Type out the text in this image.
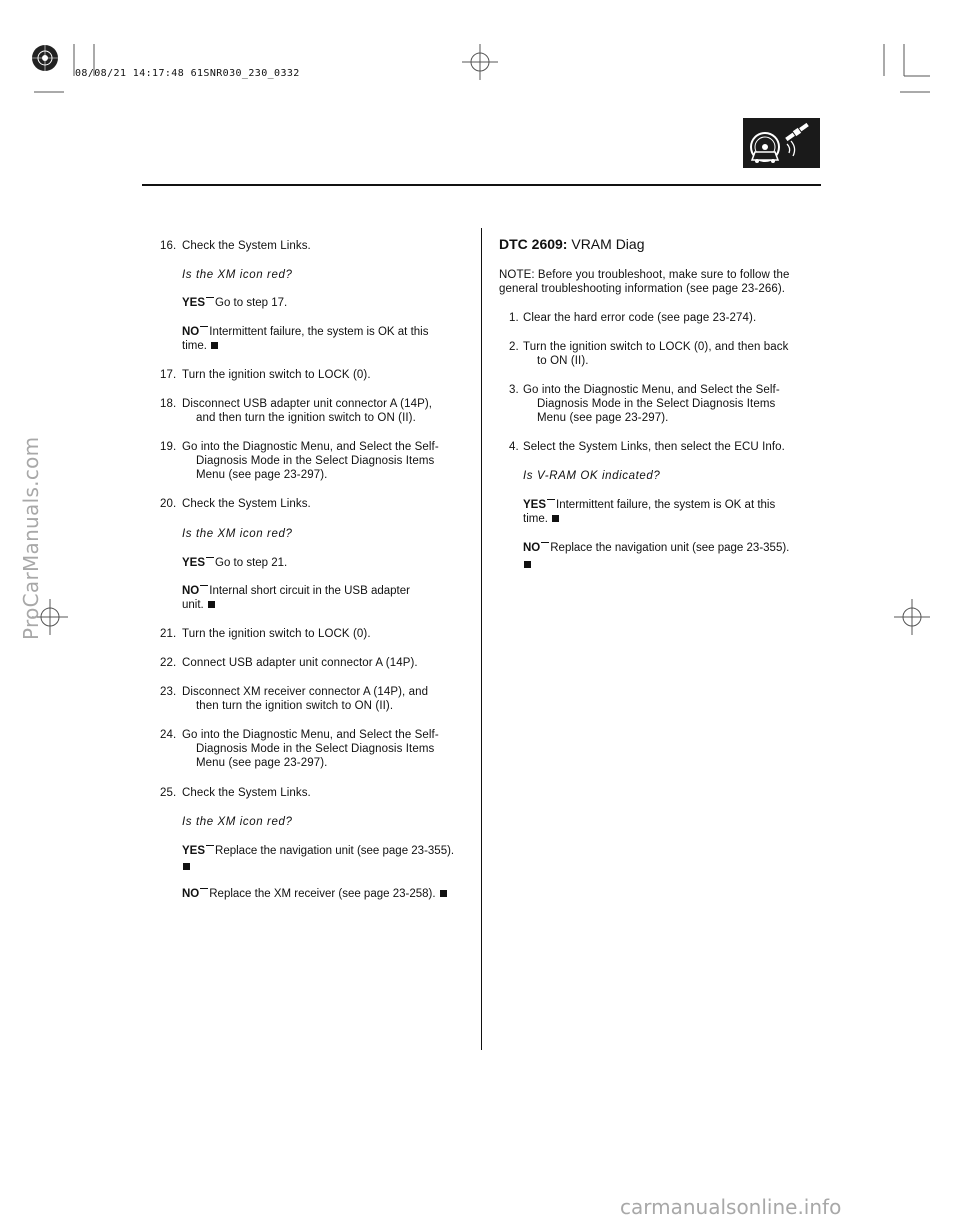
08/08/21 14:17:48 61SNR030_230_0332
16. Check the System Links.
Is the XM icon red?
YES Go to step 17.
NO Intermittent failure, the system is OK at this
time.
17. Turn the ignition switch to LOCK (0).
18. Disconnect USB adapter unit connector A (14P),
and then turn the ignition switch to ON (II).
19. Go into the Diagnostic Menu, and Select the Self-
Diagnosis Mode in the Select Diagnosis Items
Menu (see page 23-297).
20. Check the System Links.
Is the XM icon red?
YES Go to step 21.
NO Internal short circuit in the USB adapter
unit.
21. Turn the ignition switch to LOCK (0).
22. Connect USB adapter unit connector A (14P).
23. Disconnect XM receiver connector A (14P), and
then turn the ignition switch to ON (II).
24. Go into the Diagnostic Menu, and Select the Self-
Diagnosis Mode in the Select Diagnosis Items
Menu (see page 23-297).
25. Check the System Links.
Is the XM icon red?
YES Replace the navigation unit (see page 23-355).
NO Replace the XM receiver (see page 23-258).
DTC 2609: VRAM Diag
NOTE: Before you troubleshoot, make sure to follow the
general troubleshooting information (see page 23-266).
1. Clear the hard error code (see page 23-274).
2. Turn the ignition switch to LOCK (0), and then back
to ON (II).
3. Go into the Diagnostic Menu, and Select the Self-
Diagnosis Mode in the Select Diagnosis Items
Menu (see page 23-297).
4. Select the System Links, then select the ECU Info.
Is V-RAM OK indicated?
YES Intermittent failure, the system is OK at this
time.
NO Replace the navigation unit (see page 23-355).
ProCarManuals.com
carmanualsonline.info
